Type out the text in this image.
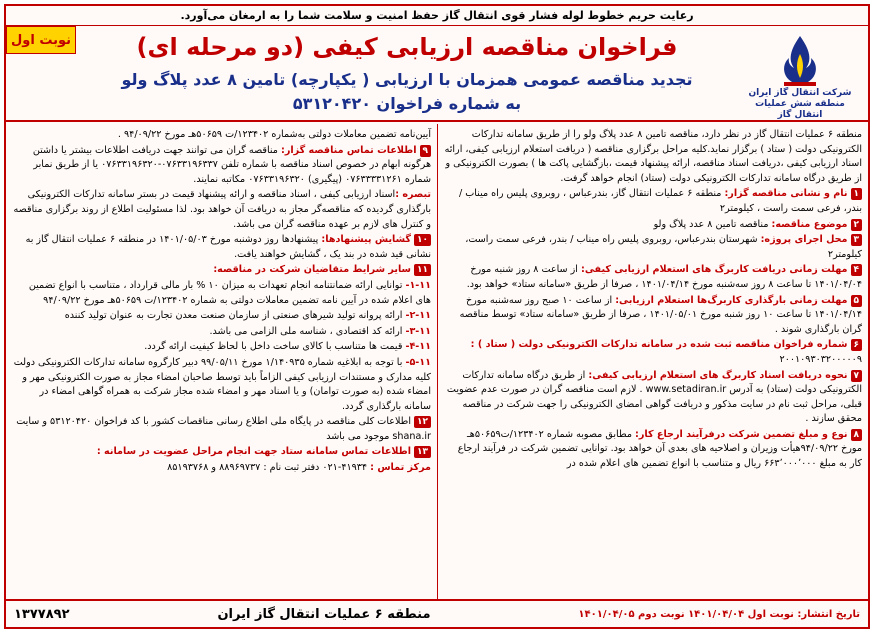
رعایت حریم خطوط لوله فشار قوی انتقال گاز حفظ امنیت و سلامت شما را به ارمغان می‌آورد.
شرکت انتقال گاز ایران
منطقه شش عملیات انتقال گاز
فراخوان مناقصه ارزیابی کیفی (دو مرحله ای)
تجدید مناقصه عمومی همزمان با ارزیابی ( یکپارچه) تامین ۸ عدد پلاگ ولو
به شماره فراخوان ۵۳۱۲۰۴۲۰
نوبت اول
منطقه ۶ عملیات انتقال گاز در نظر دارد، مناقصه تامین ۸ عدد پلاگ ولو را از طریق سامانه تدارکات الکترونیکی دولت ( ستاد ) برگزار نماید.کلیه مراحل برگزاری مناقصه ( دریافت استعلام ارزیابی کیفی، ارائه اسناد ارزیابی کیفی ،دریافت اسناد مناقصه، ارائه پیشنهاد قیمت ،بازگشایی پاکت ها ) بصورت الکترونیکی و از طریق درگاه سامانه تدارکات الکترونیکی دولت (ستاد) انجام خواهد گرفت.
۱نام و نشانی مناقصه گزار: منطقه ۶ عملیات انتقال گاز، بندرعباس ، روبروی پلیس راه میناب / بندر، فرعی سمت راست ، کیلومتر۲
۲موضوع مناقصه: مناقصه تامین ۸ عدد پلاگ ولو
۳محل اجرای پروژه: شهرستان بندرعباس، روبروی پلیس راه میناب / بندر، فرعی سمت راست، کیلومتر۲
۴مهلت زمانی دریافت کاربرگ های استعلام ارزیابی کیفی: از ساعت ۸ روز شنبه مورخ ۱۴۰۱/۰۴/۰۴ تا ساعت ۸ روز سه‌شنبه مورخ ۱۴۰۱/۰۴/۱۴ ، صرفا از طریق «سامانه ستاد» خواهد بود.
۵مهلت زمانی بارگذاری کاربرگ‌ها استعلام ارزیابی: از ساعت ۱۰ صبح روز سه‌شنبه مورخ ۱۴۰۱/۰۴/۱۴ تا ساعت ۱۰ روز شنبه مورخ ۱۴۰۱/۰۵/۰۱ ، صرفا از طریق «سامانه ستاد» توسط مناقصه گران بارگذاری شوند .
۶شماره فراخوان مناقصه ثبت شده در سامانه تدارکات الکترونیکی دولت ( ستاد ) : ۲۰۰۱۰۹۳۰۳۲۰۰۰۰۰۹
۷نحوه دریافت اسناد کاربرگ های استعلام ارزیابی کیفی: از طریق درگاه سامانه تدارکات الکترونیکی دولت (ستاد) به آدرس www.setadiran.ir . لازم است مناقصه گران در صورت عدم عضویت قبلی، مراحل ثبت نام در سایت مذکور و دریافت گواهی امضای الکترونیکی را جهت شرکت در مناقصه محقق سازند .
۸نوع و مبلغ تضمین شرکت درفرآیند ارجاع کار: مطابق مصوبه شماره ۱۲۳۴۰۲/ت۵۰۶۵۹هـ مورخ ۹۴/۰۹/۲۲هیأت وزیران و اصلاحیه های بعدی آن خواهد بود. توانایی تضمین شرکت در فرآیند ارجاع کار به مبلغ ۶۶۳٬۰۰۰٬۰۰۰ ریال و متناسب با انواع تضمین های اعلام شده در
آیین‌نامه تضمین معاملات دولتی به‌شماره ۱۲۳۴۰۲/ت ۵۰۶۵۹هـ مورخ ۹۴/۰۹/۲۲ .
۹اطلاعات تماس مناقصه گزار: مناقصه گران می توانند جهت دریافت اطلاعات بیشتر یا داشتن هرگونه ابهام در خصوص اسناد مناقصه با شماره تلفن ۰۷۶۳۳۱۹۶۳۳۷-۰۷۶۳۳۱۹۶۳۲۰ یا از طریق نمابر شماره ۰۷۶۳۳۳۳۱۲۶۱ (پیگیری) ۰۷۶۳۳۱۹۶۳۲۰ مکاتبه نمایند.
تبصره :اسناد ارزیابی کیفی ، اسناد مناقصه و ارائه پیشنهاد قیمت در بستر سامانه تدارکات الکترونیکی بارگذاری گردیده که مناقصه‌گر مجاز به دریافت آن خواهد بود. لذا مسئولیت اطلاع از روند برگزاری مناقصه و کنترل های لازم بر عهده مناقصه گران می باشد.
۱۰گشایش پیشنهادها: پیشنهادها روز دوشنبه مورخ ۱۴۰۱/۰۵/۰۳ در منطقه ۶ عملیات انتقال گاز به نشانی قید شده در بند یک ، گشایش خواهند یافت.
۱۱سایر شرایط متقاضیان شرکت در مناقصه:
۱-۱۱- توانایی ارائه ضمانتنامه انجام تعهدات به میزان ۱۰ % بار مالی قرارداد ، متناسب با انواع تضمین های اعلام شده در آیین نامه تضمین معاملات دولتی به شماره ۱۲۳۴۰۲/ت ۵۰۶۵۹هـ مورخ ۹۴/۰۹/۲۲
۲-۱۱- ارائه پروانه تولید شیرهای صنعتی از سازمان صنعت معدن تجارت به عنوان تولید کننده
۳-۱۱- ارائه کد اقتصادی ، شناسه ملی الزامی می باشد.
۴-۱۱- قیمت ها متناسب با کالای ساخت داخل با لحاظ کیفیت ارائه گردد.
۵-۱۱- با توجه به ابلاغیه شماره ۱/۱۴۰۹۳۵ مورخ ۹۹/۰۵/۱۱ دبیر کارگروه سامانه تدارکات الکترونیکی دولت کلیه مدارک و مستندات ارزیابی کیفی الزاماً باید توسط صاحبان امضاء مجاز به صورت الکترونیکی مهر و امضاء شده (به صورت توامان) و یا اسناد مهر و امضاء شده مجاز شرکت به همراه گواهی امضاء در سامانه بارگذاری گردد.
۱۲اطلاعات کلی مناقصه در پایگاه ملی اطلاع رسانی مناقصات کشور با کد فراخوان ۵۳۱۲۰۴۲۰ و سایت shana.ir موجود می باشد
۱۳اطلاعات تماس سامانه ستاد جهت انجام مراحل عضویت در سامانه :
مرکز تماس : ۴۱۹۳۴-۰۲۱ دفتر ثبت نام : ۸۸۹۶۹۷۳۷ و ۸۵۱۹۳۷۶۸
تاریخ انتشار: نوبت اول ۱۴۰۱/۰۴/۰۴ نوبت دوم ۱۴۰۱/۰۴/۰۵
منطقه ۶ عملیات انتقال گاز ایران
۱۳۷۷۸۹۲
